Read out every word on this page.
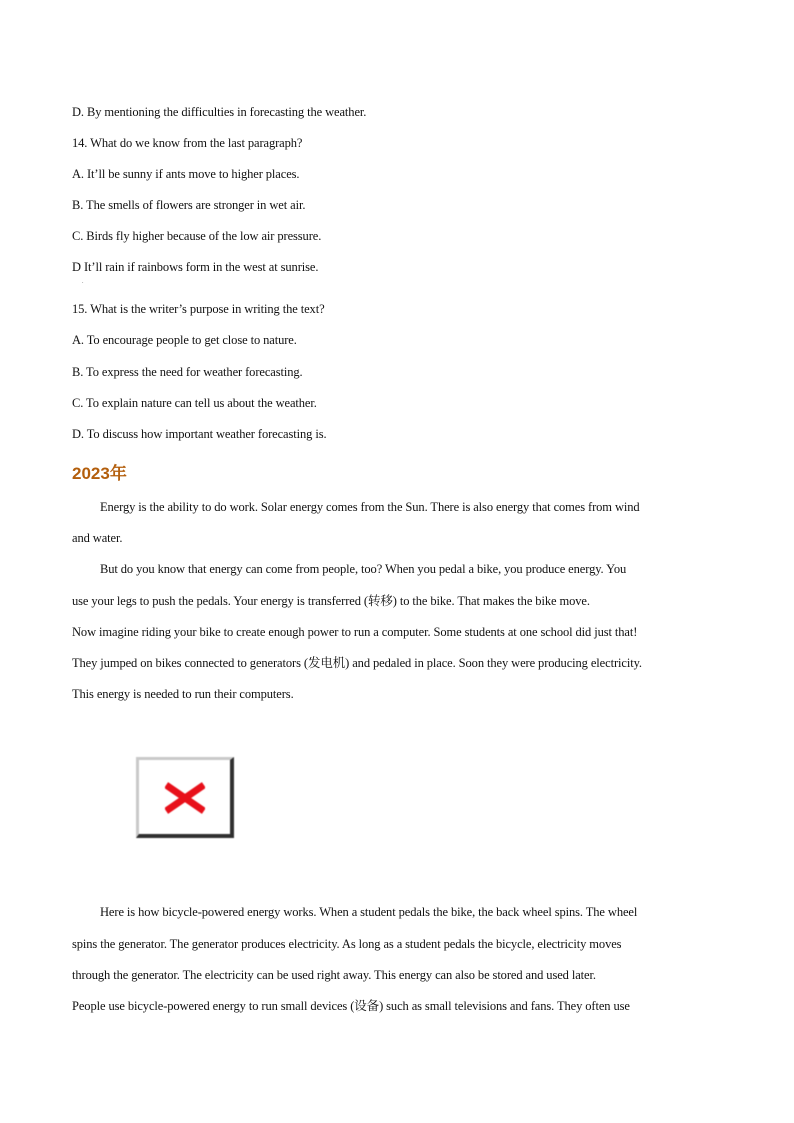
D. By mentioning the difficulties in forecasting the weather.
14. What do we know from the last paragraph?
A. It’ll be sunny if ants move to higher places.
B. The smells of flowers are stronger in wet air.
C. Birds fly higher because of the low air pressure.
D It’ll rain if rainbows form in the west at sunrise.
.
15. What is the writer’s purpose in writing the text?
A. To encourage people to get close to nature.
B. To express the need for weather forecasting.
C. To explain nature can tell us about the weather.
D. To discuss how important weather forecasting is.
2023年
Energy is the ability to do work. Solar energy comes from the Sun. There is also energy that comes from wind
and water.
But do you know that energy can come from people, too? When you pedal a bike, you produce energy. You
use your legs to push the pedals. Your energy is transferred (转移) to the bike. That makes the bike move.
Now imagine riding your bike to create enough power to run a computer. Some students at one school did just that!
They jumped on bikes connected to generators (发电机) and pedaled in place. Soon they were producing electricity.
This energy is needed to run their computers.
Here is how bicycle-powered energy works. When a student pedals the bike, the back wheel spins. The wheel
spins the generator. The generator produces electricity. As long as a student pedals the bicycle, electricity moves
through the generator. The electricity can be used right away. This energy can also be stored and used later.
People use bicycle-powered energy to run small devices (设备) such as small televisions and fans. They often use
